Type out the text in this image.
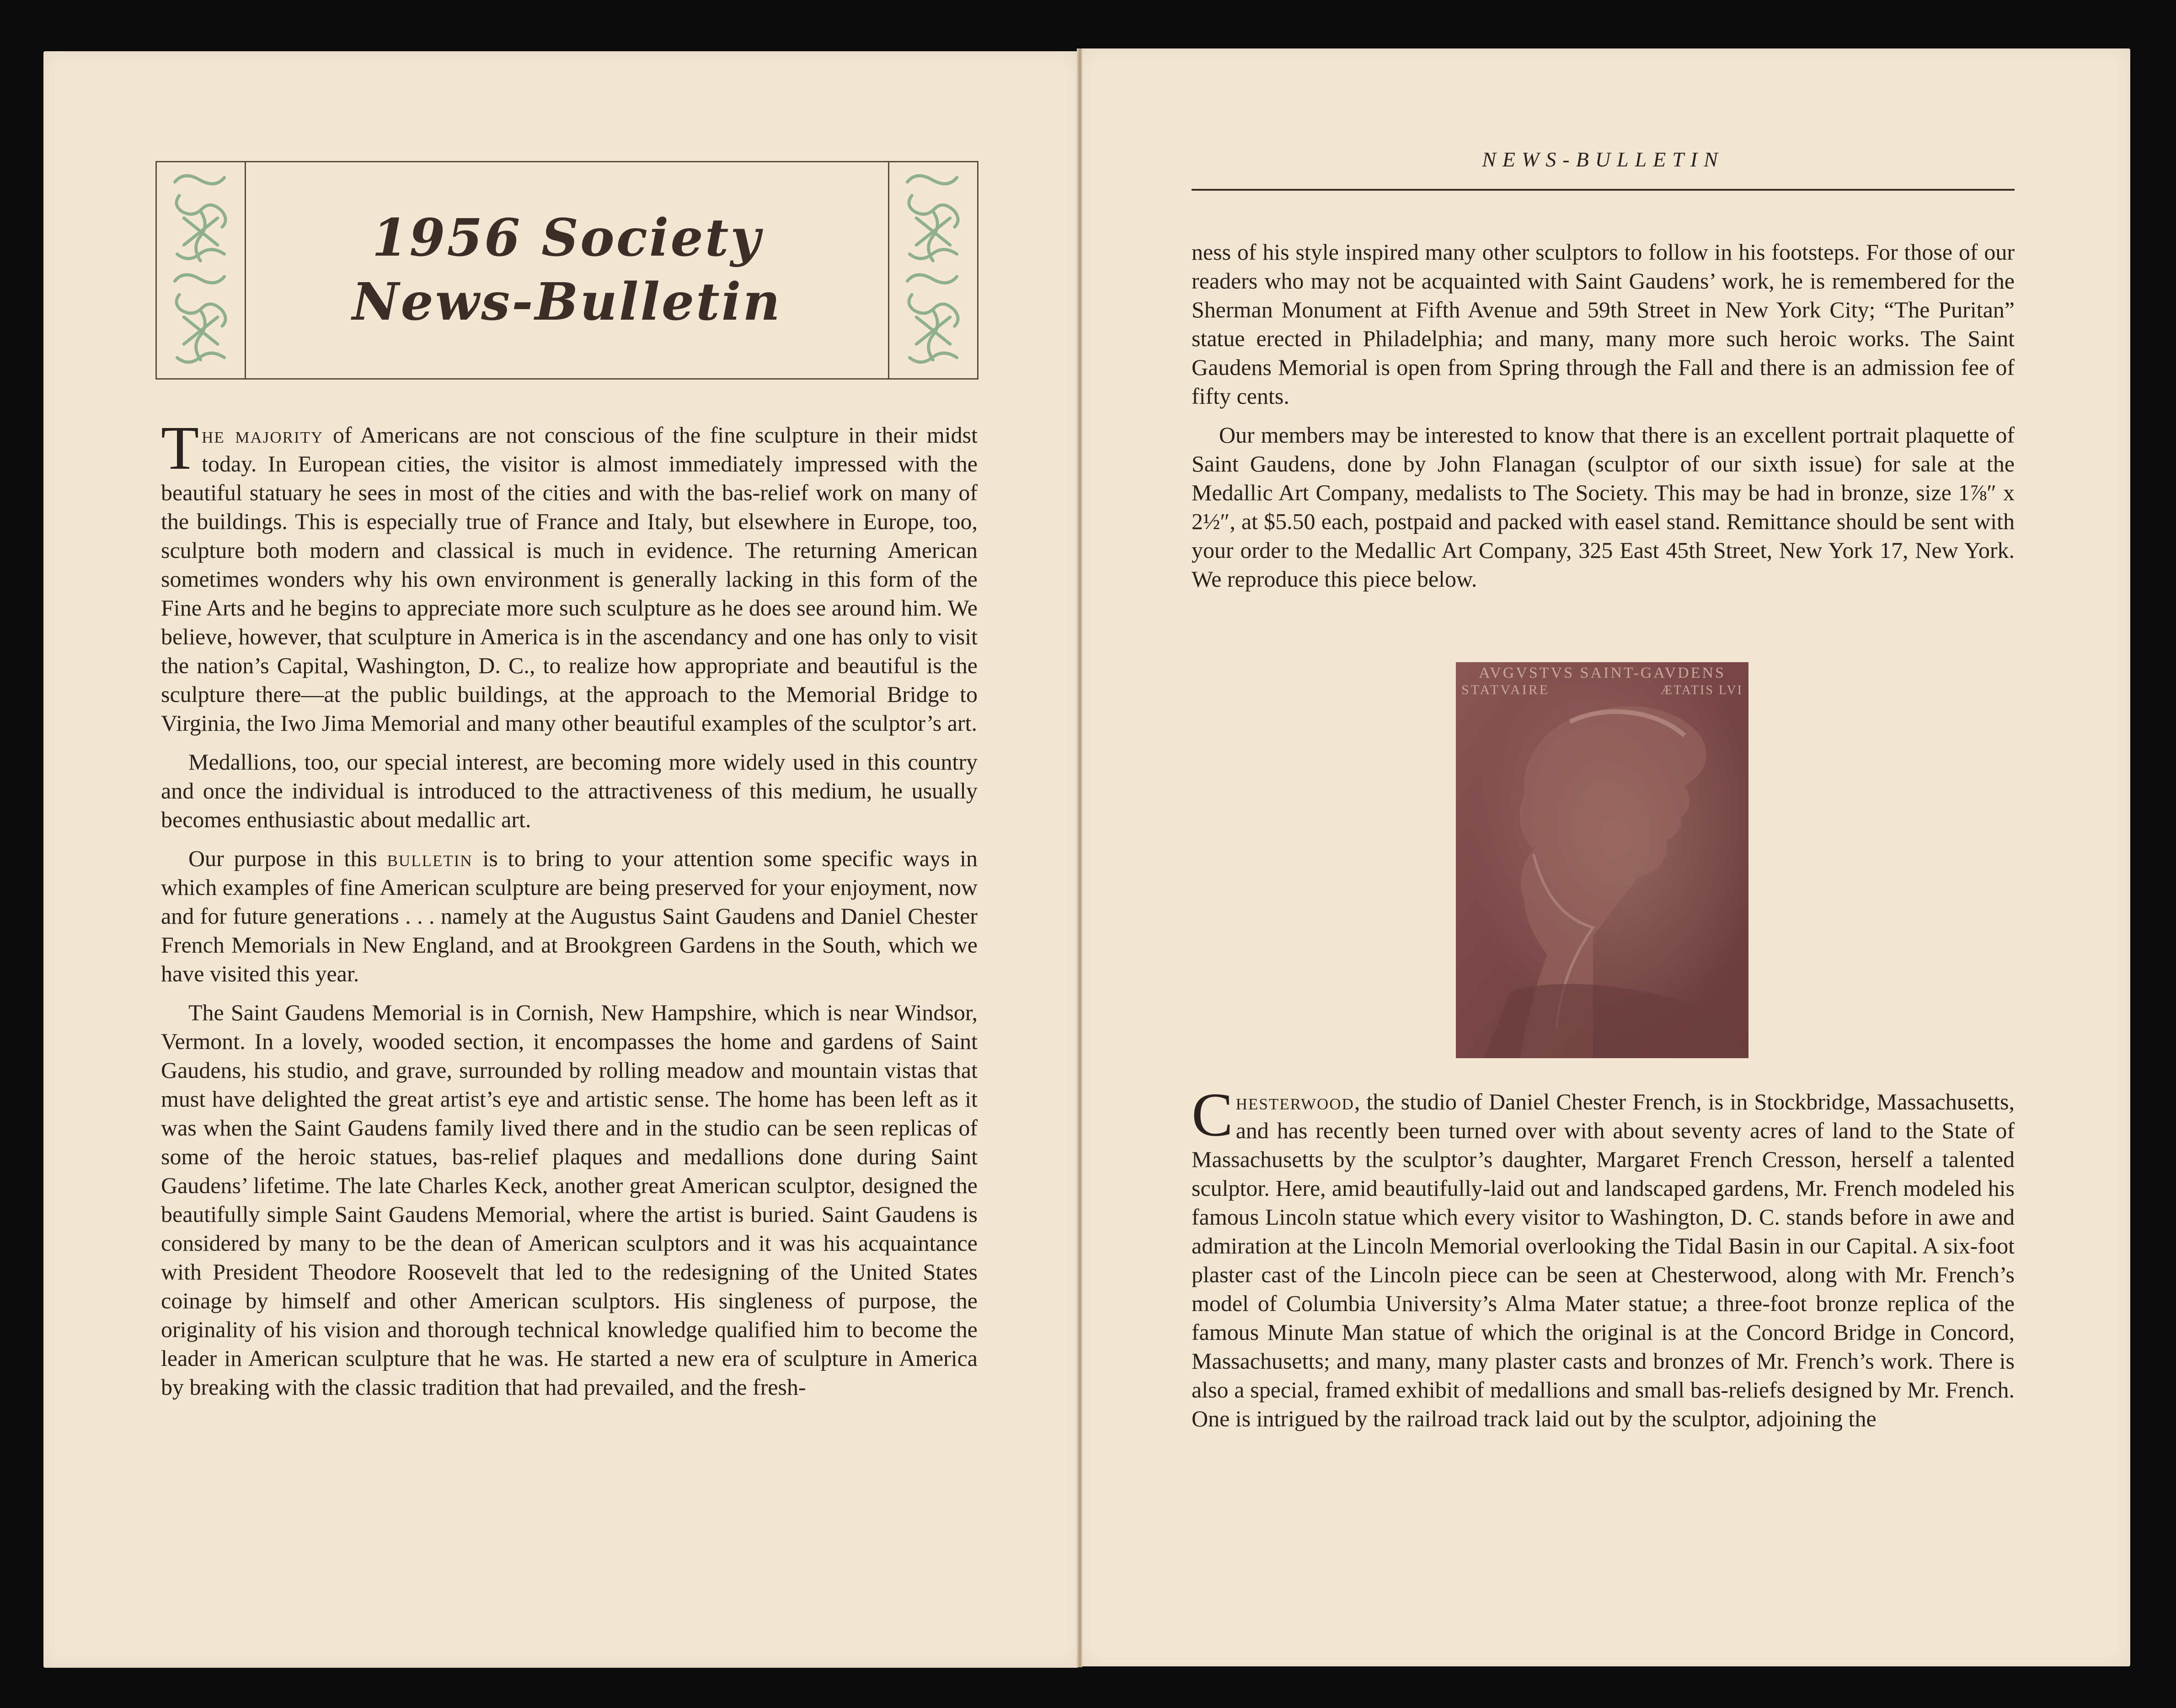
1956 Society
News-Bulletin

The majority of Americans are not conscious of the fine sculpture in their midst today. In European cities, the visitor is almost immediately impressed with the beautiful statuary he sees in most of the cities and with the bas-relief work on many of the buildings. This is especially true of France and Italy, but elsewhere in Europe, too, sculpture both modern and classical is much in evidence. The returning American sometimes wonders why his own environment is generally lacking in this form of the Fine Arts and he begins to appreciate more such sculpture as he does see around him. We believe, however, that sculpture in America is in the ascendancy and one has only to visit the nation’s Capital, Washington, D. C., to realize how appropriate and beautiful is the sculpture there—at the public buildings, at the approach to the Memorial Bridge to Virginia, the Iwo Jima Memorial and many other beautiful examples of the sculptor’s art.

Medallions, too, our special interest, are becoming more widely used in this country and once the individual is introduced to the attractiveness of this medium, he usually becomes enthusiastic about medallic art.

Our purpose in this bulletin is to bring to your attention some specific ways in which examples of fine American sculpture are being preserved for your enjoyment, now and for future generations . . . namely at the Augustus Saint Gaudens and Daniel Chester French Memorials in New England, and at Brookgreen Gardens in the South, which we have visited this year.

The Saint Gaudens Memorial is in Cornish, New Hampshire, which is near Windsor, Vermont. In a lovely, wooded section, it encompasses the home and gardens of Saint Gaudens, his studio, and grave, surrounded by rolling meadow and mountain vistas that must have delighted the great artist’s eye and artistic sense. The home has been left as it was when the Saint Gaudens family lived there and in the studio can be seen replicas of some of the heroic statues, bas-relief plaques and medallions done during Saint Gaudens’ lifetime. The late Charles Keck, another great American sculptor, designed the beautifully simple Saint Gaudens Memorial, where the artist is buried. Saint Gaudens is considered by many to be the dean of American sculptors and it was his acquaintance with President Theodore Roosevelt that led to the redesigning of the United States coinage by himself and other American sculptors. His singleness of purpose, the originality of his vision and thorough technical knowledge qualified him to become the leader in American sculpture that he was. He started a new era of sculpture in America by breaking with the classic tradition that had prevailed, and the fresh-

NEWS-BULLETIN

ness of his style inspired many other sculptors to follow in his footsteps. For those of our readers who may not be acquainted with Saint Gaudens’ work, he is remembered for the Sherman Monument at Fifth Avenue and 59th Street in New York City; “The Puritan” statue erected in Philadelphia; and many, many more such heroic works. The Saint Gaudens Memorial is open from Spring through the Fall and there is an admission fee of fifty cents.

Our members may be interested to know that there is an excellent portrait plaquette of Saint Gaudens, done by John Flanagan (sculptor of our sixth issue) for sale at the Medallic Art Company, medalists to The Society. This may be had in bronze, size 1⅞″ x 2½″, at $5.50 each, postpaid and packed with easel stand. Remittance should be sent with your order to the Medallic Art Company, 325 East 45th Street, New York 17, New York. We reproduce this piece below.

AVGVSTVS SAINT-GAVDENS
STATVAIRE	ÆTATIS LVI

Chesterwood, the studio of Daniel Chester French, is in Stockbridge, Massachusetts, and has recently been turned over with about seventy acres of land to the State of Massachusetts by the sculptor’s daughter, Margaret French Cresson, herself a talented sculptor. Here, amid beautifully-laid out and landscaped gardens, Mr. French modeled his famous Lincoln statue which every visitor to Washington, D. C. stands before in awe and admiration at the Lincoln Memorial overlooking the Tidal Basin in our Capital. A six-foot plaster cast of the Lincoln piece can be seen at Chesterwood, along with Mr. French’s model of Columbia University’s Alma Mater statue; a three-foot bronze replica of the famous Minute Man statue of which the original is at the Concord Bridge in Concord, Massachusetts; and many, many plaster casts and bronzes of Mr. French’s work. There is also a special, framed exhibit of medallions and small bas-reliefs designed by Mr. French. One is intrigued by the railroad track laid out by the sculptor, adjoining the
